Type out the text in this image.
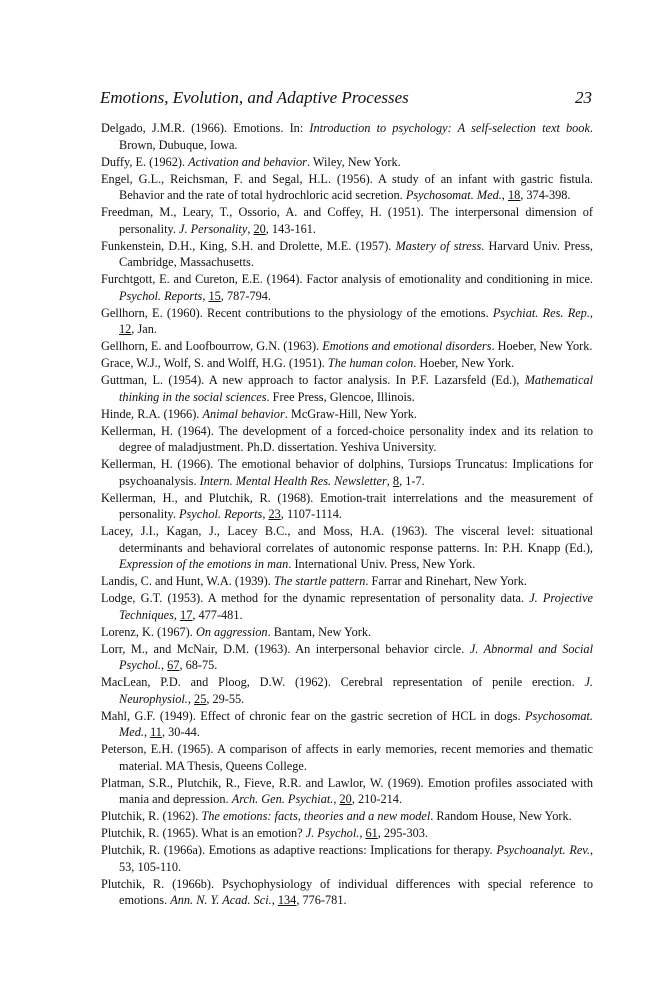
Emotions, Evolution, and Adaptive Processes	23

Delgado, J.M.R. (1966). Emotions. In: Introduction to psychology: A self-selection text book. Brown, Dubuque, Iowa.

Duffy, E. (1962). Activation and behavior. Wiley, New York.

Engel, G.L., Reichsman, F. and Segal, H.L. (1956). A study of an infant with gastric fistula. Behavior and the rate of total hydrochloric acid secretion. Psychosomat. Med., 18, 374-398.

Freedman, M., Leary, T., Ossorio, A. and Coffey, H. (1951). The interpersonal dimension of personality. J. Personality, 20, 143-161.

Funkenstein, D.H., King, S.H. and Drolette, M.E. (1957). Mastery of stress. Harvard Univ. Press, Cambridge, Massachusetts.

Furchtgott, E. and Cureton, E.E. (1964). Factor analysis of emotionality and conditioning in mice. Psychol. Reports, 15, 787-794.

Gellhorn, E. (1960). Recent contributions to the physiology of the emotions. Psychiat. Res. Rep., 12, Jan.

Gellhorn, E. and Loofbourrow, G.N. (1963). Emotions and emotional disorders. Hoeber, New York.

Grace, W.J., Wolf, S. and Wolff, H.G. (1951). The human colon. Hoeber, New York.

Guttman, L. (1954). A new approach to factor analysis. In P.F. Lazarsfeld (Ed.), Mathematical thinking in the social sciences. Free Press, Glencoe, Illinois.

Hinde, R.A. (1966). Animal behavior. McGraw-Hill, New York.

Kellerman, H. (1964). The development of a forced-choice personality index and its relation to degree of maladjustment. Ph.D. dissertation. Yeshiva University.

Kellerman, H. (1966). The emotional behavior of dolphins, Tursiops Truncatus: Implications for psychoanalysis. Intern. Mental Health Res. Newsletter, 8, 1-7.

Kellerman, H., and Plutchik, R. (1968). Emotion-trait interrelations and the measurement of personality. Psychol. Reports, 23, 1107-1114.

Lacey, J.I., Kagan, J., Lacey B.C., and Moss, H.A. (1963). The visceral level: situational determinants and behavioral correlates of autonomic response patterns. In: P.H. Knapp (Ed.), Expression of the emotions in man. International Univ. Press, New York.

Landis, C. and Hunt, W.A. (1939). The startle pattern. Farrar and Rinehart, New York.

Lodge, G.T. (1953). A method for the dynamic representation of personality data. J. Projective Techniques, 17, 477-481.

Lorenz, K. (1967). On aggression. Bantam, New York.

Lorr, M., and McNair, D.M. (1963). An interpersonal behavior circle. J. Abnormal and Social Psychol., 67, 68-75.

MacLean, P.D. and Ploog, D.W. (1962). Cerebral representation of penile erection. J. Neurophysiol., 25, 29-55.

Mahl, G.F. (1949). Effect of chronic fear on the gastric secretion of HCL in dogs. Psychosomat. Med., 11, 30-44.

Peterson, E.H. (1965). A comparison of affects in early memories, recent memories and thematic material. MA Thesis, Queens College.

Platman, S.R., Plutchik, R., Fieve, R.R. and Lawlor, W. (1969). Emotion profiles associated with mania and depression. Arch. Gen. Psychiat., 20, 210-214.

Plutchik, R. (1962). The emotions: facts, theories and a new model. Random House, New York.

Plutchik, R. (1965). What is an emotion? J. Psychol., 61, 295-303.

Plutchik, R. (1966a). Emotions as adaptive reactions: Implications for therapy. Psychoanalyt. Rev., 53, 105-110.

Plutchik, R. (1966b). Psychophysiology of individual differences with special reference to emotions. Ann. N. Y. Acad. Sci., 134, 776-781.
